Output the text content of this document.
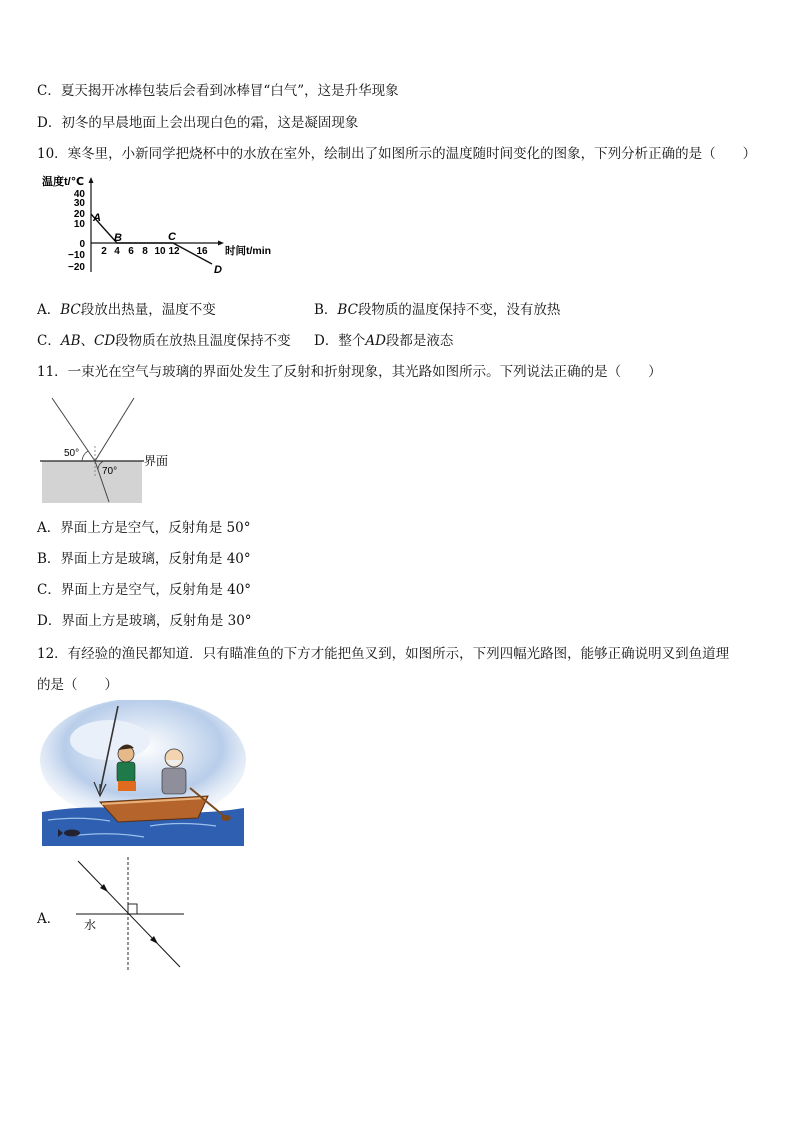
C．夏天揭开冰棒包装后会看到冰棒冒“白气”，这是升华现象
D．初冬的早晨地面上会出现白色的霜，这是凝固现象
10．寒冬里，小新同学把烧杯中的水放在室外，绘制出了如图所示的温度随时间变化的图象，下列分析正确的是（　　）
温度t/℃
40
30
20
10
0
−10
−20
2 4 6 8 10 12 16 时间t/min
A
B	C
D
A．BC段放出热量，温度不变	B．BC段物质的温度保持不变，没有放热
C．AB、CD段物质在放热且温度保持不变 D．整个AD段都是液态
11．一束光在空气与玻璃的界面处发生了反射和折射现象，其光路如图所示。下列说法正确的是（　　）
50°
70°
界面
A．界面上方是空气，反射角是 50°
B．界面上方是玻璃，反射角是 40°
C．界面上方是空气，反射角是 40°
D．界面上方是玻璃，反射角是 30°
12．有经验的渔民都知道．只有瞄准鱼的下方才能把鱼叉到，如图所示，下列四幅光路图，能够正确说明叉到鱼道理
的是（　　）
A． 水
